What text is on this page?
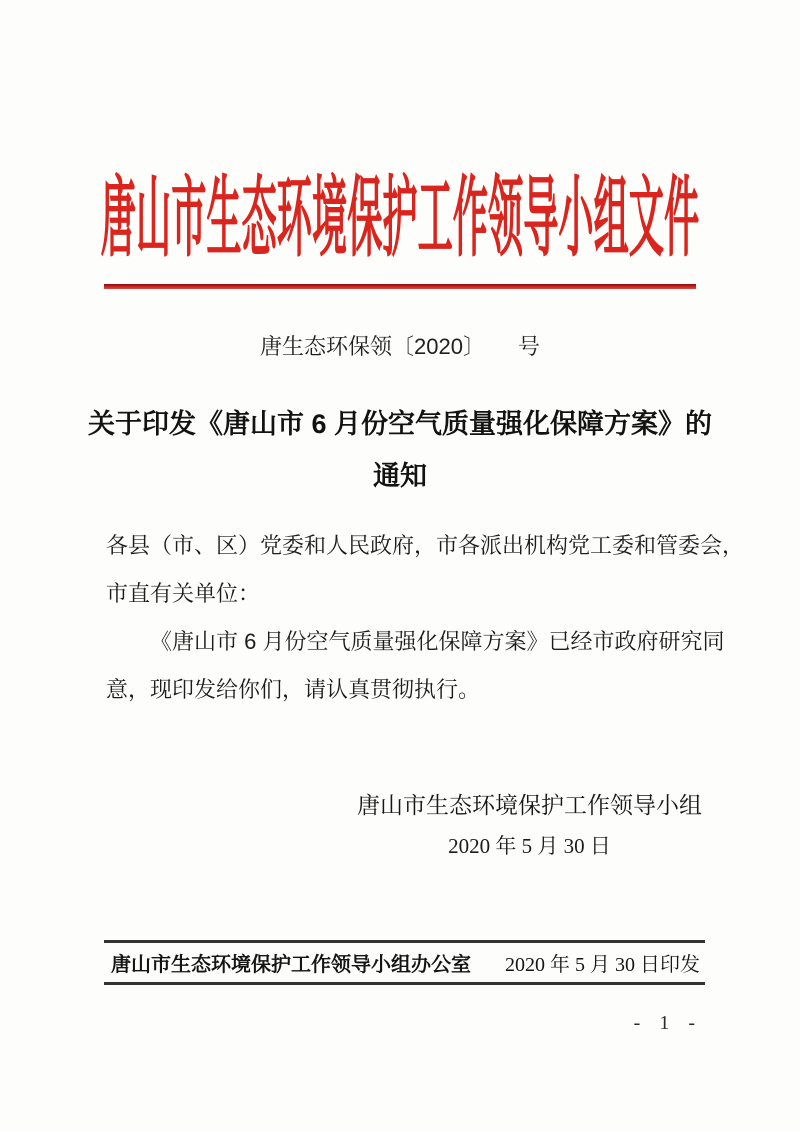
唐山市生态环境保护工作领导小组文件
唐生态环保领〔2020〕　　号
关于印发《唐山市 6 月份空气质量强化保障方案》的
通知
各县（市、区）党委和人民政府，市各派出机构党工委和管委会，
市直有关单位：
《唐山市 6 月份空气质量强化保障方案》已经市政府研究同
意，现印发给你们，请认真贯彻执行。
唐山市生态环境保护工作领导小组
2020 年 5 月 30 日
唐山市生态环境保护工作领导小组办公室 2020 年 5 月 30 日印发
- 1 -
